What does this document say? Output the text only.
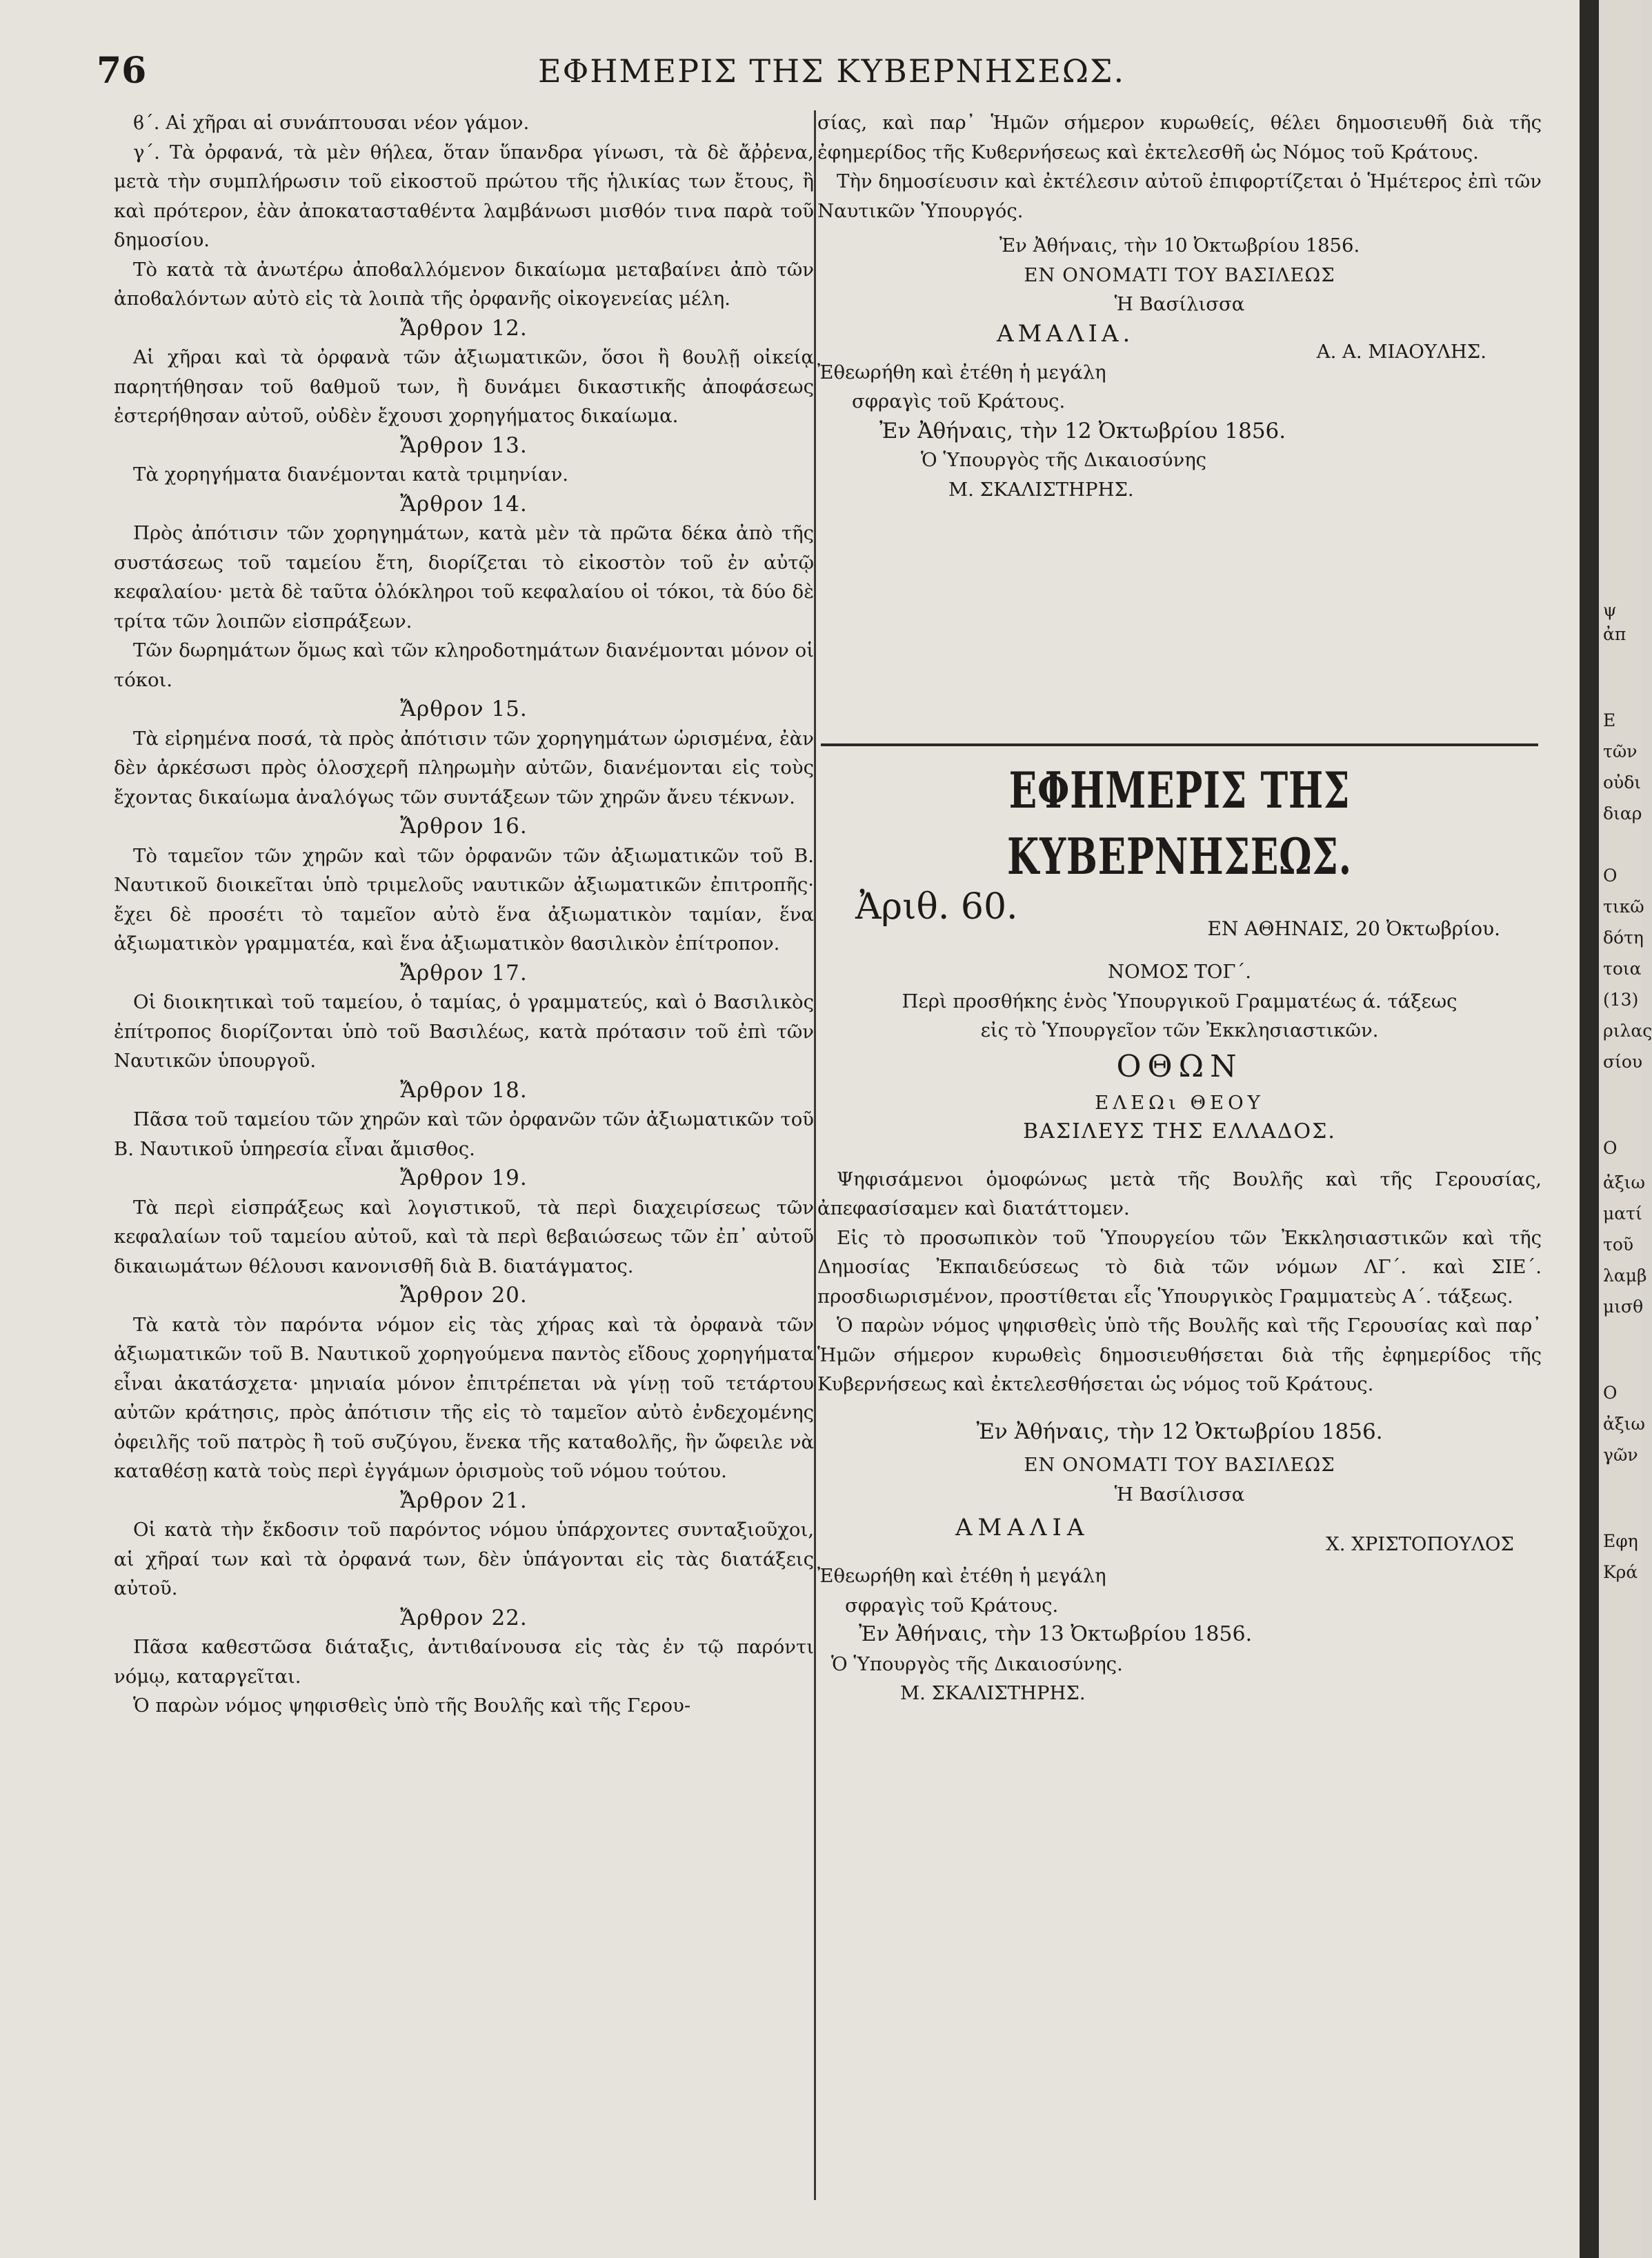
76	ΕΦΗΜΕΡΙΣ ΤΗΣ ΚΥΒΕΡΝΗΣΕΩΣ.

ϐ΄. Αἱ χῆραι αἱ συνάπτουσαι νέον γάμον.

γ΄. Τὰ ὀρφανά, τὰ μὲν θήλεα, ὅταν ὕπανδρα γίνωσι, τὰ δὲ ἄῤῥενα, μετὰ τὴν συμπλήρωσιν τοῦ εἰκοστοῦ πρώτου τῆς ἡλικίας των ἔτους, ἢ καὶ πρότερον, ἐὰν ἀποκατασταθέντα λαμβάνωσι μισθόν τινα παρὰ τοῦ δημοσίου.

Τὸ κατὰ τὰ ἀνωτέρω ἀποϐαλλόμενον δικαίωμα μεταβαίνει ἀπὸ τῶν ἀποϐαλόντων αὐτὸ εἰς τὰ λοιπὰ τῆς ὀρφανῆς οἰκογενείας μέλη.

Ἄρθρον 12.

Αἱ χῆραι καὶ τὰ ὀρφανὰ τῶν ἀξιωματικῶν, ὅσοι ἢ ϐουλῇ οἰκείᾳ παρητήθησαν τοῦ ϐαθμοῦ των, ἢ δυνάμει δικαστικῆς ἀποφάσεως ἐστερήθησαν αὐτοῦ, οὐδὲν ἔχουσι χορηγήματος δικαίωμα.

Ἄρθρον 13.

Τὰ χορηγήματα διανέμονται κατὰ τριμηνίαν.

Ἄρθρον 14.

Πρὸς ἀπότισιν τῶν χορηγημάτων, κατὰ μὲν τὰ πρῶτα δέκα ἀπὸ τῆς συστάσεως τοῦ ταμείου ἔτη, διορίζεται τὸ εἰκοστὸν τοῦ ἐν αὐτῷ κεφαλαίου· μετὰ δὲ ταῦτα ὁλόκληροι τοῦ κεφαλαίου οἱ τόκοι, τὰ δύο δὲ τρίτα τῶν λοιπῶν εἰσπράξεων.

Τῶν δωρημάτων ὅμως καὶ τῶν κληροδοτημάτων διανέμονται μόνον οἱ τόκοι.

Ἄρθρον 15.

Τὰ εἰρημένα ποσά, τὰ πρὸς ἀπότισιν τῶν χορηγημάτων ὡρισμένα, ἐὰν δὲν ἀρκέσωσι πρὸς ὁλοσχερῆ πληρωμὴν αὐτῶν, διανέμονται εἰς τοὺς ἔχοντας δικαίωμα ἀναλόγως τῶν συντάξεων τῶν χηρῶν ἄνευ τέκνων.

Ἄρθρον 16.

Τὸ ταμεῖον τῶν χηρῶν καὶ τῶν ὀρφανῶν τῶν ἀξιωματικῶν τοῦ Β. Ναυτικοῦ διοικεῖται ὑπὸ τριμελοῦς ναυτικῶν ἀξιωματικῶν ἐπιτροπῆς· ἔχει δὲ προσέτι τὸ ταμεῖον αὐτὸ ἕνα ἀξιωματικὸν ταμίαν, ἕνα ἀξιωματικὸν γραμματέα, καὶ ἕνα ἀξιωματικὸν ϐασιλικὸν ἐπίτροπον.

Ἄρθρον 17.

Οἱ διοικητικαὶ τοῦ ταμείου, ὁ ταμίας, ὁ γραμματεύς, καὶ ὁ Βασιλικὸς ἐπίτροπος διορίζονται ὑπὸ τοῦ Βασιλέως, κατὰ πρότασιν τοῦ ἐπὶ τῶν Ναυτικῶν ὑπουργοῦ.

Ἄρθρον 18.

Πᾶσα τοῦ ταμείου τῶν χηρῶν καὶ τῶν ὀρφανῶν τῶν ἀξιωματικῶν τοῦ Β. Ναυτικοῦ ὑπηρεσία εἶναι ἄμισθος.

Ἄρθρον 19.

Τὰ περὶ εἰσπράξεως καὶ λογιστικοῦ, τὰ περὶ διαχειρίσεως τῶν κεφαλαίων τοῦ ταμείου αὐτοῦ, καὶ τὰ περὶ ϐεβαιώσεως τῶν ἐπ᾽ αὐτοῦ δικαιωμάτων θέλουσι κανονισθῆ διὰ Β. διατάγματος.

Ἄρθρον 20.

Τὰ κατὰ τὸν παρόντα νόμον εἰς τὰς χήρας καὶ τὰ ὀρφανὰ τῶν ἀξιωματικῶν τοῦ Β. Ναυτικοῦ χορηγούμενα παντὸς εἴδους χορηγήματα εἶναι ἀκατάσχετα· μηνιαία μόνον ἐπιτρέπεται νὰ γίνῃ τοῦ τετάρτου αὐτῶν κράτησις, πρὸς ἀπότισιν τῆς εἰς τὸ ταμεῖον αὐτὸ ἐνδεχομένης ὀφειλῆς τοῦ πατρὸς ἢ τοῦ συζύγου, ἕνεκα τῆς καταϐολῆς, ἣν ὤφειλε νὰ καταθέσῃ κατὰ τοὺς περὶ ἐγγάμων ὁρισμοὺς τοῦ νόμου τούτου.

Ἄρθρον 21.

Οἱ κατὰ τὴν ἔκδοσιν τοῦ παρόντος νόμου ὑπάρχοντες συνταξιοῦχοι, αἱ χῆραί των καὶ τὰ ὀρφανά των, δὲν ὑπάγονται εἰς τὰς διατάξεις αὐτοῦ.

Ἄρθρον 22.

Πᾶσα καθεστῶσα διάταξις, ἀντιϐαίνουσα εἰς τὰς ἐν τῷ παρόντι νόμῳ, καταργεῖται.

Ὁ παρὼν νόμος ψηφισθεὶς ὑπὸ τῆς Βουλῆς καὶ τῆς Γερου-

σίας, καὶ παρ᾽ Ἡμῶν σήμερον κυρωθείς, θέλει δημοσιευθῆ διὰ τῆς ἐφημερίδος τῆς Κυϐερνήσεως καὶ ἐκτελεσθῆ ὡς Νόμος τοῦ Κράτους.

Τὴν δημοσίευσιν καὶ ἐκτέλεσιν αὐτοῦ ἐπιφορτίζεται ὁ Ἡμέτερος ἐπὶ τῶν Ναυτικῶν Ὑπουργός.

Ἐν Ἀθήναις, τὴν 10 Ὀκτωβρίου 1856.

ΕΝ ΟΝΟΜΑΤΙ ΤΟΥ ΒΑΣΙΛΕΩΣ

Ἡ Βασίλισσα

ΑΜΑΛΙΑ.
Α. Α. ΜΙΑΟΥΛΗΣ.

Ἐθεωρήθη καὶ ἐτέθη ἡ μεγάλη

σφραγὶς τοῦ Κράτους.

Ἐν Ἀθήναις, τὴν 12 Ὀκτωβρίου 1856.

Ὁ Ὑπουργὸς τῆς Δικαιοσύνης

Μ. ΣΚΑΛΙΣΤΗΡΗΣ.

ΕΦΗΜΕΡΙΣ ΤΗΣ ΚΥΒΕΡΝΗΣΕΩΣ.

Ἀριθ. 60.
ΕΝ ΑΘΗΝΑΙΣ, 20 Ὀκτωβρίου.

ΝΟΜΟΣ ΤΟΓ΄.

Περὶ προσθήκης ἑνὸς Ὑπουργικοῦ Γραμματέως ά. τάξεως

εἰς τὸ Ὑπουργεῖον τῶν Ἐκκλησιαστικῶν.

ΟΘΩΝ

ΕΛΕΩι ΘΕΟΥ

ΒΑΣΙΛΕΥΣ ΤΗΣ ΕΛΛΑΔΟΣ.

Ψηφισάμενοι ὁμοφώνως μετὰ τῆς Βουλῆς καὶ τῆς Γερουσίας, ἀπεφασίσαμεν καὶ διατάττομεν.

Εἰς τὸ προσωπικὸν τοῦ Ὑπουργείου τῶν Ἐκκλησιαστικῶν καὶ τῆς Δημοσίας Ἐκπαιδεύσεως τὸ διὰ τῶν νόμων ΛΓ΄. καὶ ΣΙΕ΄. προσδιωρισμένον, προστίθεται εἷς Ὑπουργικὸς Γραμματεὺς Α΄. τάξεως.

Ὁ παρὼν νόμος ψηφισθεὶς ὑπὸ τῆς Βουλῆς καὶ τῆς Γερουσίας καὶ παρ᾽ Ἡμῶν σήμερον κυρωθεὶς δημοσιευθήσεται διὰ τῆς ἐφημερίδος τῆς Κυβερνήσεως καὶ ἐκτελεσθήσεται ὡς νόμος τοῦ Κράτους.

Ἐν Ἀθήναις, τὴν 12 Ὀκτωβρίου 1856.

ΕΝ ΟΝΟΜΑΤΙ ΤΟΥ ΒΑΣΙΛΕΩΣ

Ἡ Βασίλισσα

ΑΜΑΛΙΑ
Χ. ΧΡΙΣΤΟΠΟΥΛΟΣ

Ἐθεωρήθη καὶ ἐτέθη ἡ μεγάλη

σφραγὶς τοῦ Κράτους.

Ἐν Ἀθήναις, τὴν 13 Ὀκτωβρίου 1856.

Ὁ Ὑπουργὸς τῆς Δικαιοσύνης.

Μ. ΣΚΑΛΙΣΤΗΡΗΣ.

ψ
ἀπ
Ε
τῶν
οὐδι
διαρ
Ο
τικῶ
δότη
τοια
(13)
ριλας
σίου
Ο
ἀξιω
ματί
τοῦ
λαμβ
μισθ
Ο
ἀξιω
γῶν
Εφη
Κρά
